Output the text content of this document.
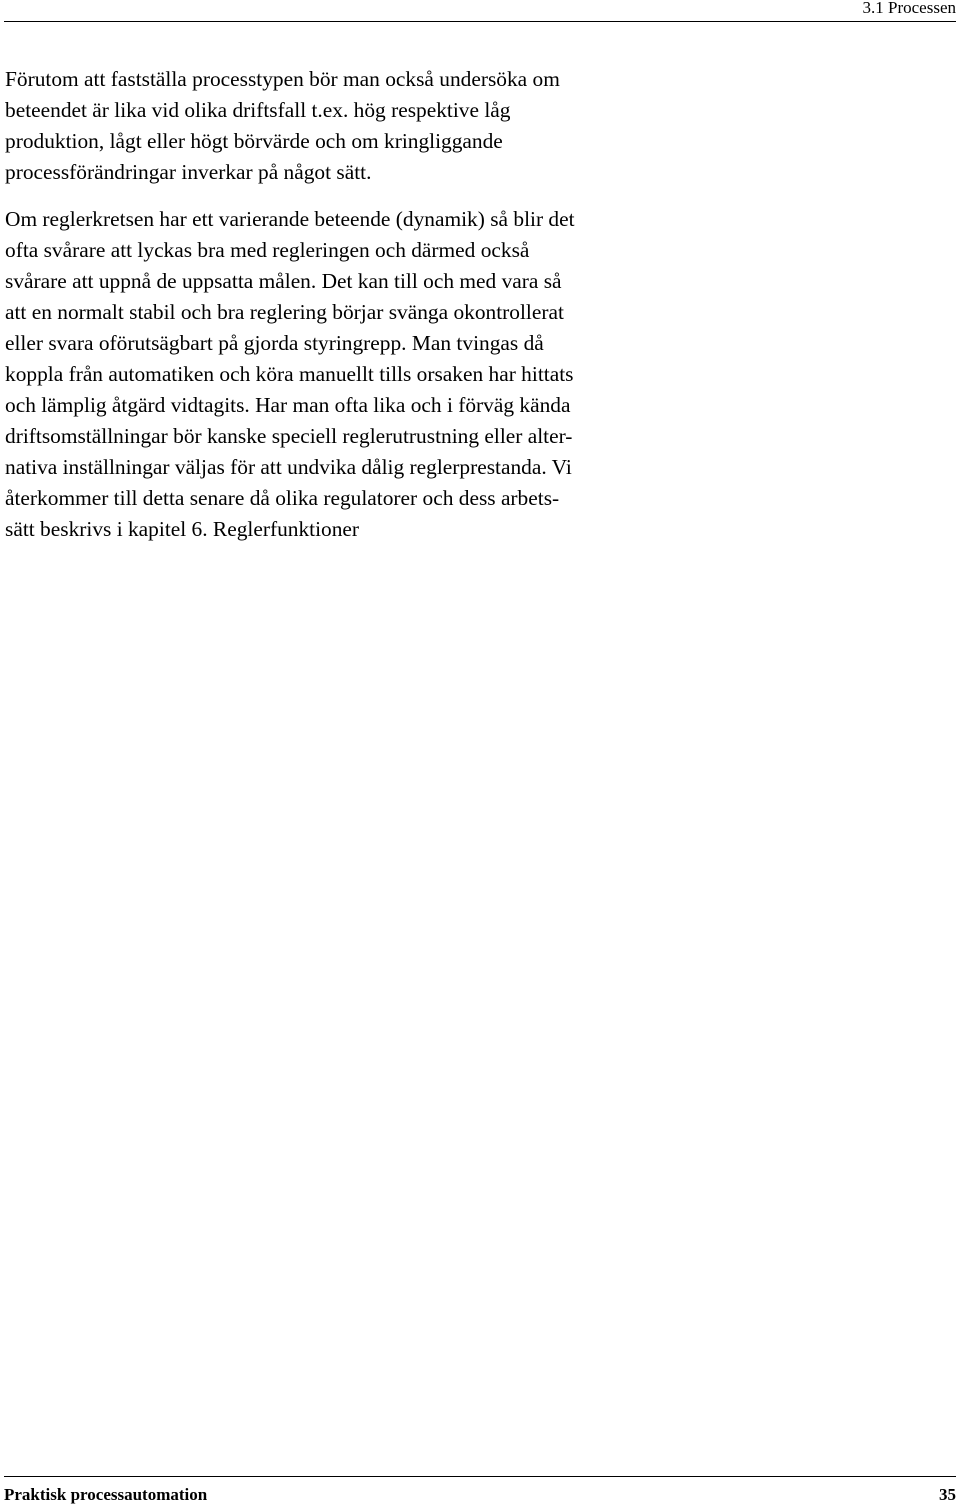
3.1 Processen

Förutom att fastställa processtypen bör man också undersöka om
beteendet är lika vid olika driftsfall t.ex. hög respektive låg
produktion, lågt eller högt börvärde och om kringliggande
processförändringar inverkar på något sätt.

Om reglerkretsen har ett varierande beteende (dynamik) så blir det
ofta svårare att lyckas bra med regleringen och därmed också
svårare att uppnå de uppsatta målen. Det kan till och med vara så
att en normalt stabil och bra reglering börjar svänga okontrollerat
eller svara oförutsägbart på gjorda styringrepp. Man tvingas då
koppla från automatiken och köra manuellt tills orsaken har hittats
och lämplig åtgärd vidtagits. Har man ofta lika och i förväg kända
driftsomställningar bör kanske speciell reglerutrustning eller alter-
nativa inställningar väljas för att undvika dålig reglerprestanda. Vi
återkommer till detta senare då olika regulatorer och dess arbets-
sätt beskrivs i kapitel 6. Reglerfunktioner

Praktisk processautomation	35
